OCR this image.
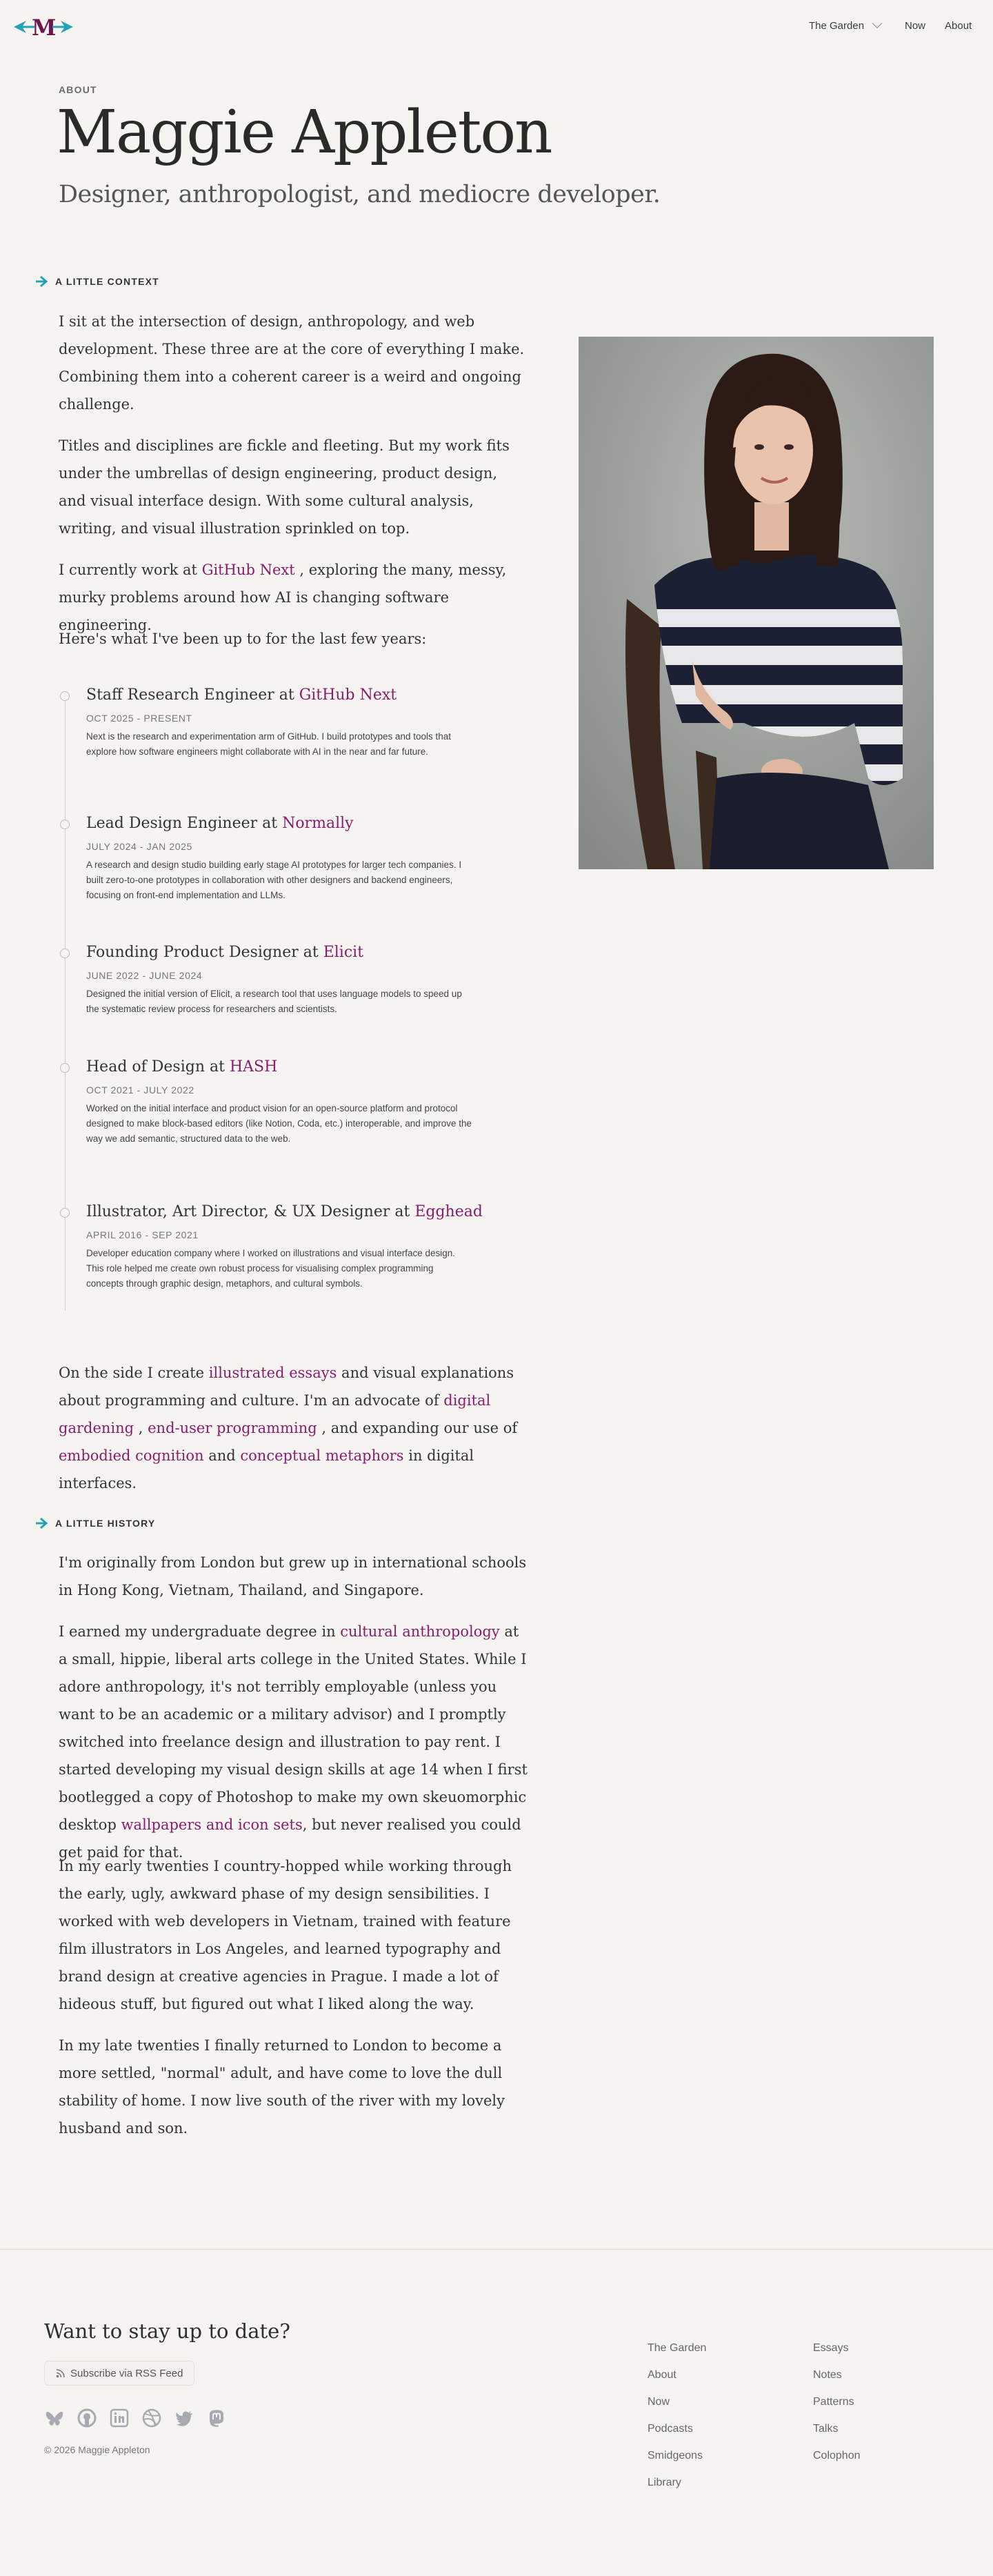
M	The Garden	Now About
ABOUT
Maggie Appleton
Designer, anthropologist, and mediocre developer.
A LITTLE CONTEXT

I sit at the intersection of design, anthropology, and web development. These three are at the core of everything I make. Combining them into a coherent career is a weird and ongoing challenge.

Titles and disciplines are fickle and fleeting. But my work fits under the umbrellas of design engineering, product design, and visual interface design. With some cultural analysis, writing, and visual illustration sprinkled on top.

I currently work at GitHub Next , exploring the many, messy, murky problems around how AI is changing software engineering.

Here's what I've been up to for the last few years:

Staff Research Engineer at GitHub Next

OCT 2025 - PRESENT

Next is the research and experimentation arm of GitHub. I build prototypes and tools that explore how software engineers might collaborate with AI in the near and far future.

Lead Design Engineer at Normally

JULY 2024 - JAN 2025

A research and design studio building early stage AI prototypes for larger tech companies. I built zero-to-one prototypes in collaboration with other designers and backend engineers, focusing on front-end implementation and LLMs.

Founding Product Designer at Elicit

JUNE 2022 - JUNE 2024

Designed the initial version of Elicit, a research tool that uses language models to speed up the systematic review process for researchers and scientists.

Head of Design at HASH

OCT 2021 - JULY 2022

Worked on the initial interface and product vision for an open-source platform and protocol designed to make block-based editors (like Notion, Coda, etc.) interoperable, and improve the way we add semantic, structured data to the web.

Illustrator, Art Director, & UX Designer at Egghead

APRIL 2016 - SEP 2021

Developer education company where I worked on illustrations and visual interface design. This role helped me create own robust process for visualising complex programming concepts through graphic design, metaphors, and cultural symbols.

On the side I create illustrated essays and visual explanations about programming and culture. I'm an advocate of digital gardening , end-user programming , and expanding our use of embodied cognition and conceptual metaphors in digital interfaces.

A LITTLE HISTORY

I'm originally from London but grew up in international schools in Hong Kong, Vietnam, Thailand, and Singapore.

I earned my undergraduate degree in cultural anthropology at a small, hippie, liberal arts college in the United States. While I adore anthropology, it's not terribly employable (unless you want to be an academic or a military advisor) and I promptly switched into freelance design and illustration to pay rent. I started developing my visual design skills at age 14 when I first bootlegged a copy of Photoshop to make my own skeuomorphic desktop wallpapers and icon sets, but never realised you could get paid for that.

In my early twenties I country-hopped while working through the early, ugly, awkward phase of my design sensibilities. I worked with web developers in Vietnam, trained with feature film illustrators in Los Angeles, and learned typography and brand design at creative agencies in Prague. I made a lot of hideous stuff, but figured out what I liked along the way.

In my late twenties I finally returned to London to become a more settled, "normal" adult, and have come to love the dull stability of home. I now live south of the river with my lovely husband and son.

Want to stay up to date?
Subscribe via RSS Feed
© 2026 Maggie Appleton
The Garden
About
Now
Podcasts
Smidgeons
Library
Essays
Notes
Patterns
Talks
Colophon
